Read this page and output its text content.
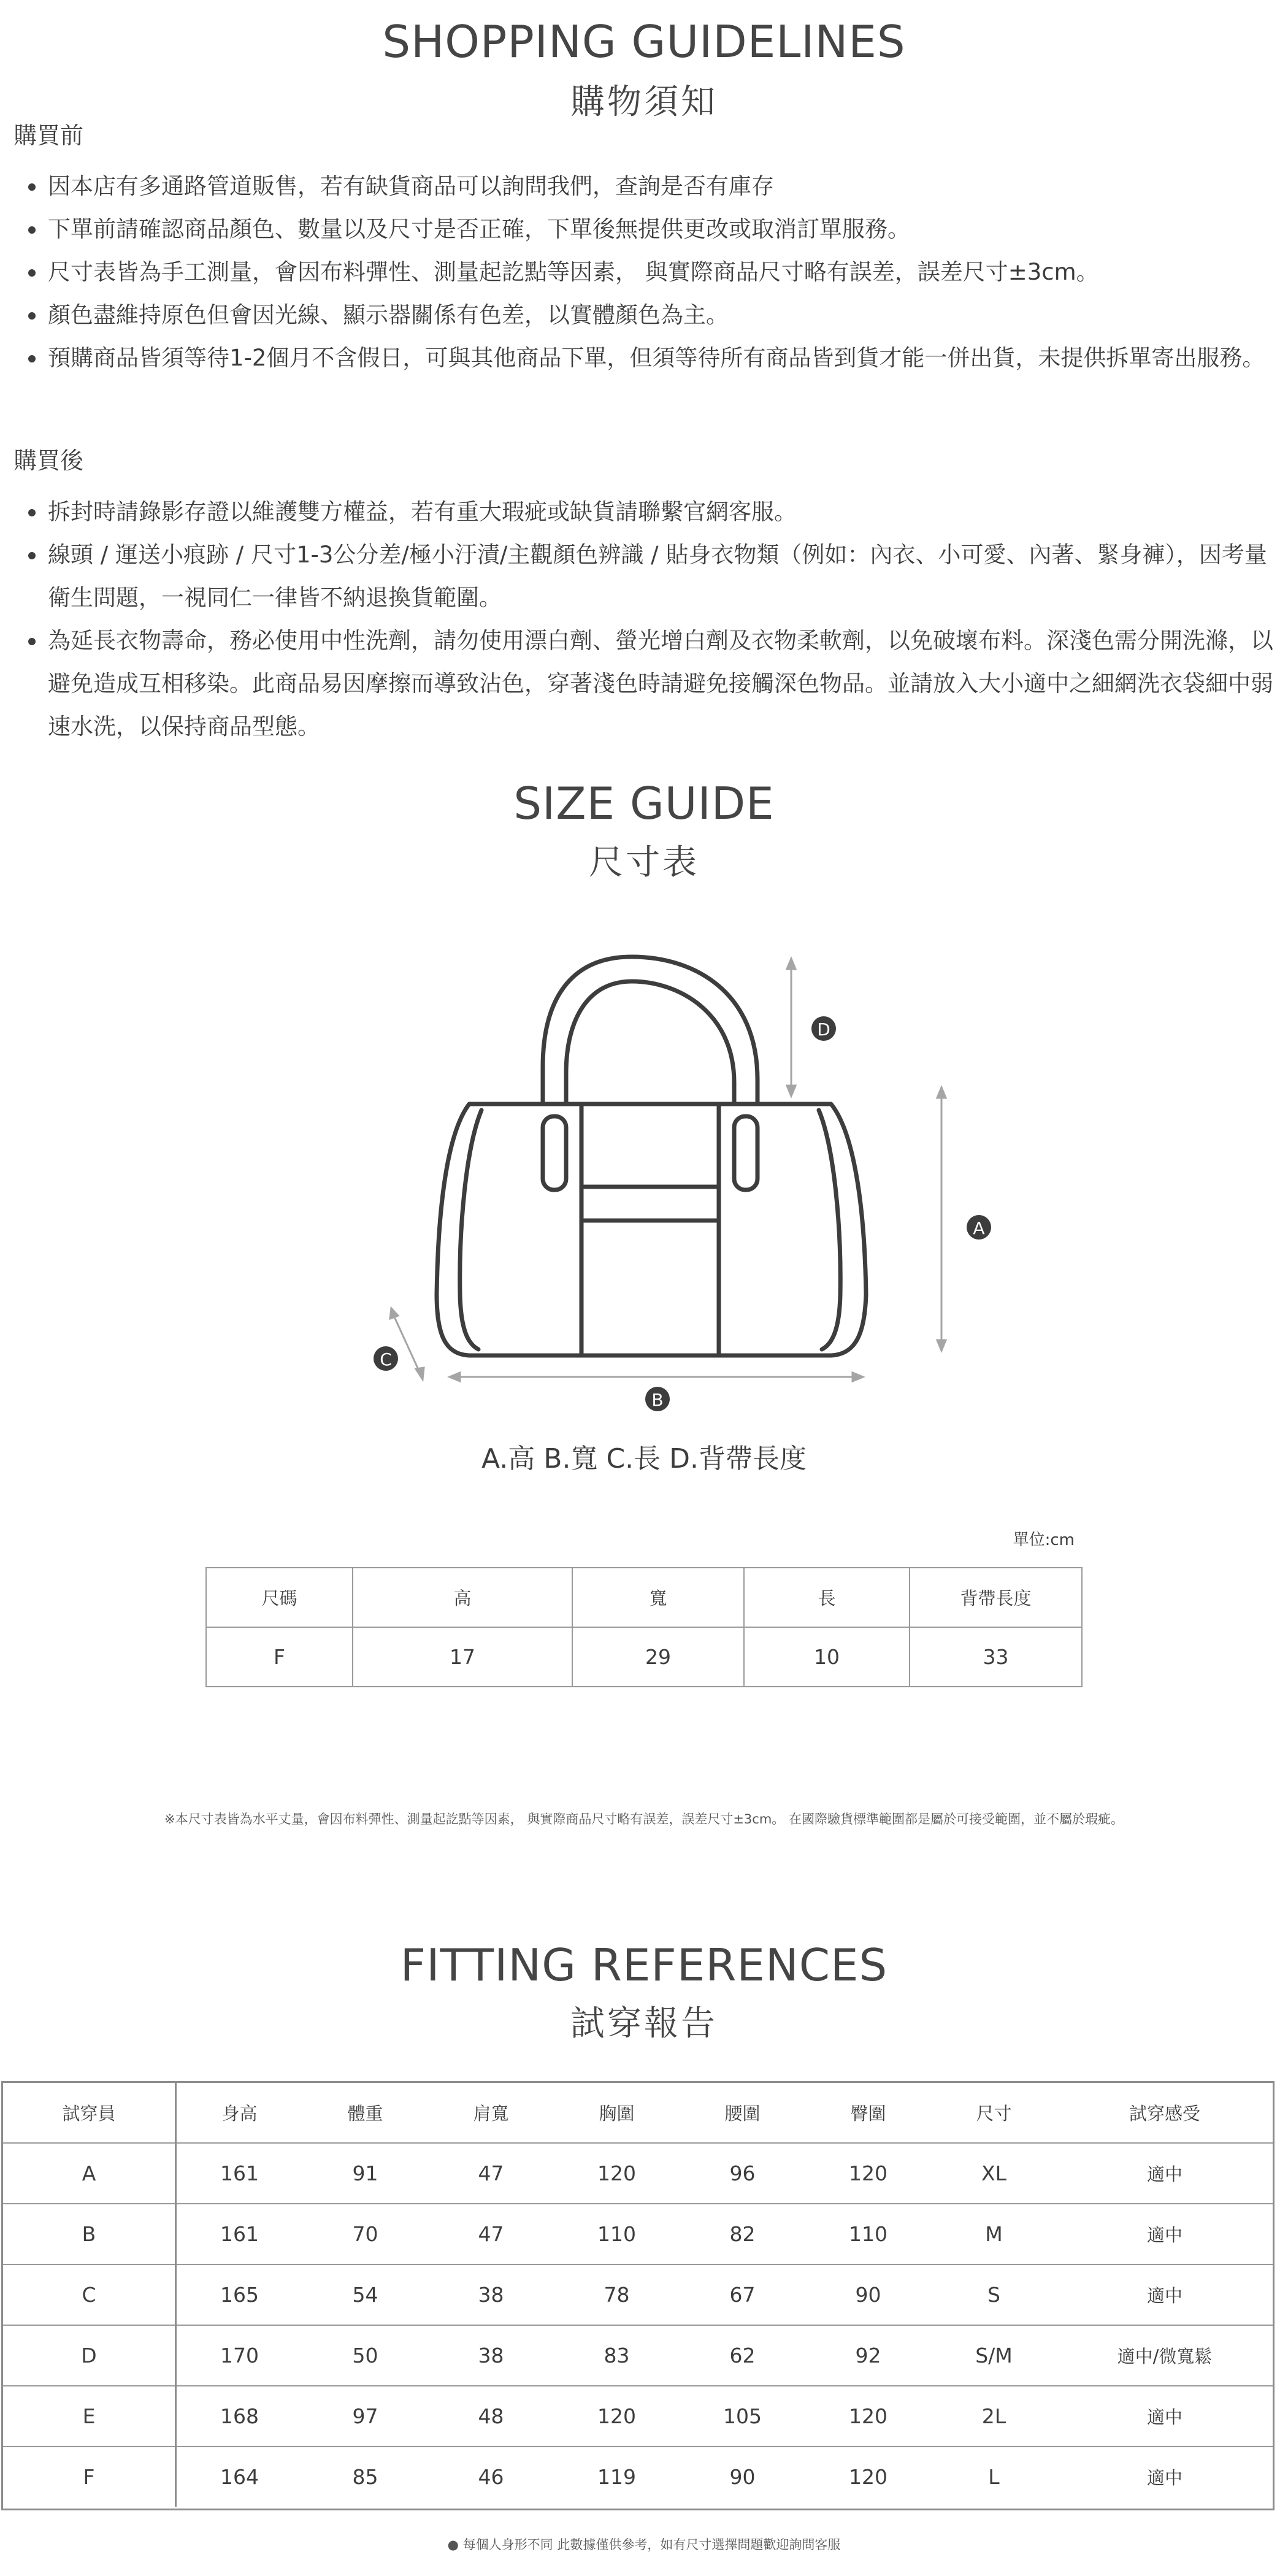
SHOPPING GUIDELINES
購物須知
購買前
因本店有多通路管道販售，若有缺貨商品可以詢問我們，查詢是否有庫存
下單前請確認商品顏色、數量以及尺寸是否正確，下單後無提供更改或取消訂單服務。
尺寸表皆為手工測量，會因布料彈性、測量起訖點等因素， 與實際商品尺寸略有誤差，誤差尺寸±3cm。
顏色盡維持原色但會因光線、顯示器關係有色差，以實體顏色為主。
預購商品皆須等待1-2個月不含假日，可與其他商品下單，但須等待所有商品皆到貨才能一併出貨，未提供拆單寄出服務。
購買後
拆封時請錄影存證以維護雙方權益，若有重大瑕疵或缺貨請聯繫官網客服。
線頭 / 運送小痕跡 / 尺寸1-3公分差/極小汙漬/主觀顏色辨識 / 貼身衣物類（例如：內衣、小可愛、內著、緊身褲），因考量衛生問題，一視同仁一律皆不納退換貨範圍。
為延長衣物壽命，務必使用中性洗劑，請勿使用漂白劑、螢光增白劑及衣物柔軟劑，以免破壞布料。深淺色需分開洗滌，以避免造成互相移染。此商品易因摩擦而導致沾色，穿著淺色時請避免接觸深色物品。並請放入大小適中之細網洗衣袋細中弱速水洗，以保持商品型態。
SIZE GUIDE
尺寸表
D
A
C
B
A.高 B.寬 C.長 D.背帶長度
單位:cm
尺碼	高	寬	長	背帶長度
F	17	29	10	33
※本尺寸表皆為水平丈量，會因布料彈性、測量起訖點等因素， 與實際商品尺寸略有誤差，誤差尺寸±3cm。 在國際驗貨標準範圍都是屬於可接受範圍，並不屬於瑕疵。
FITTING REFERENCES
試穿報告
試穿員	身高	體重	肩寬	胸圍	腰圍	臀圍	尺寸	試穿感受
A	161	91	47	120	96	120	XL	適中
B	161	70	47	110	82	110	M	適中
C	165	54	38	78	67	90	S	適中
D	170	50	38	83	62	92	S/M	適中/微寬鬆
E	168	97	48	120	105	120	2L	適中
F	164	85	46	119	90	120	L	適中
● 每個人身形不同 此數據僅供參考，如有尺寸選擇問題歡迎詢問客服
